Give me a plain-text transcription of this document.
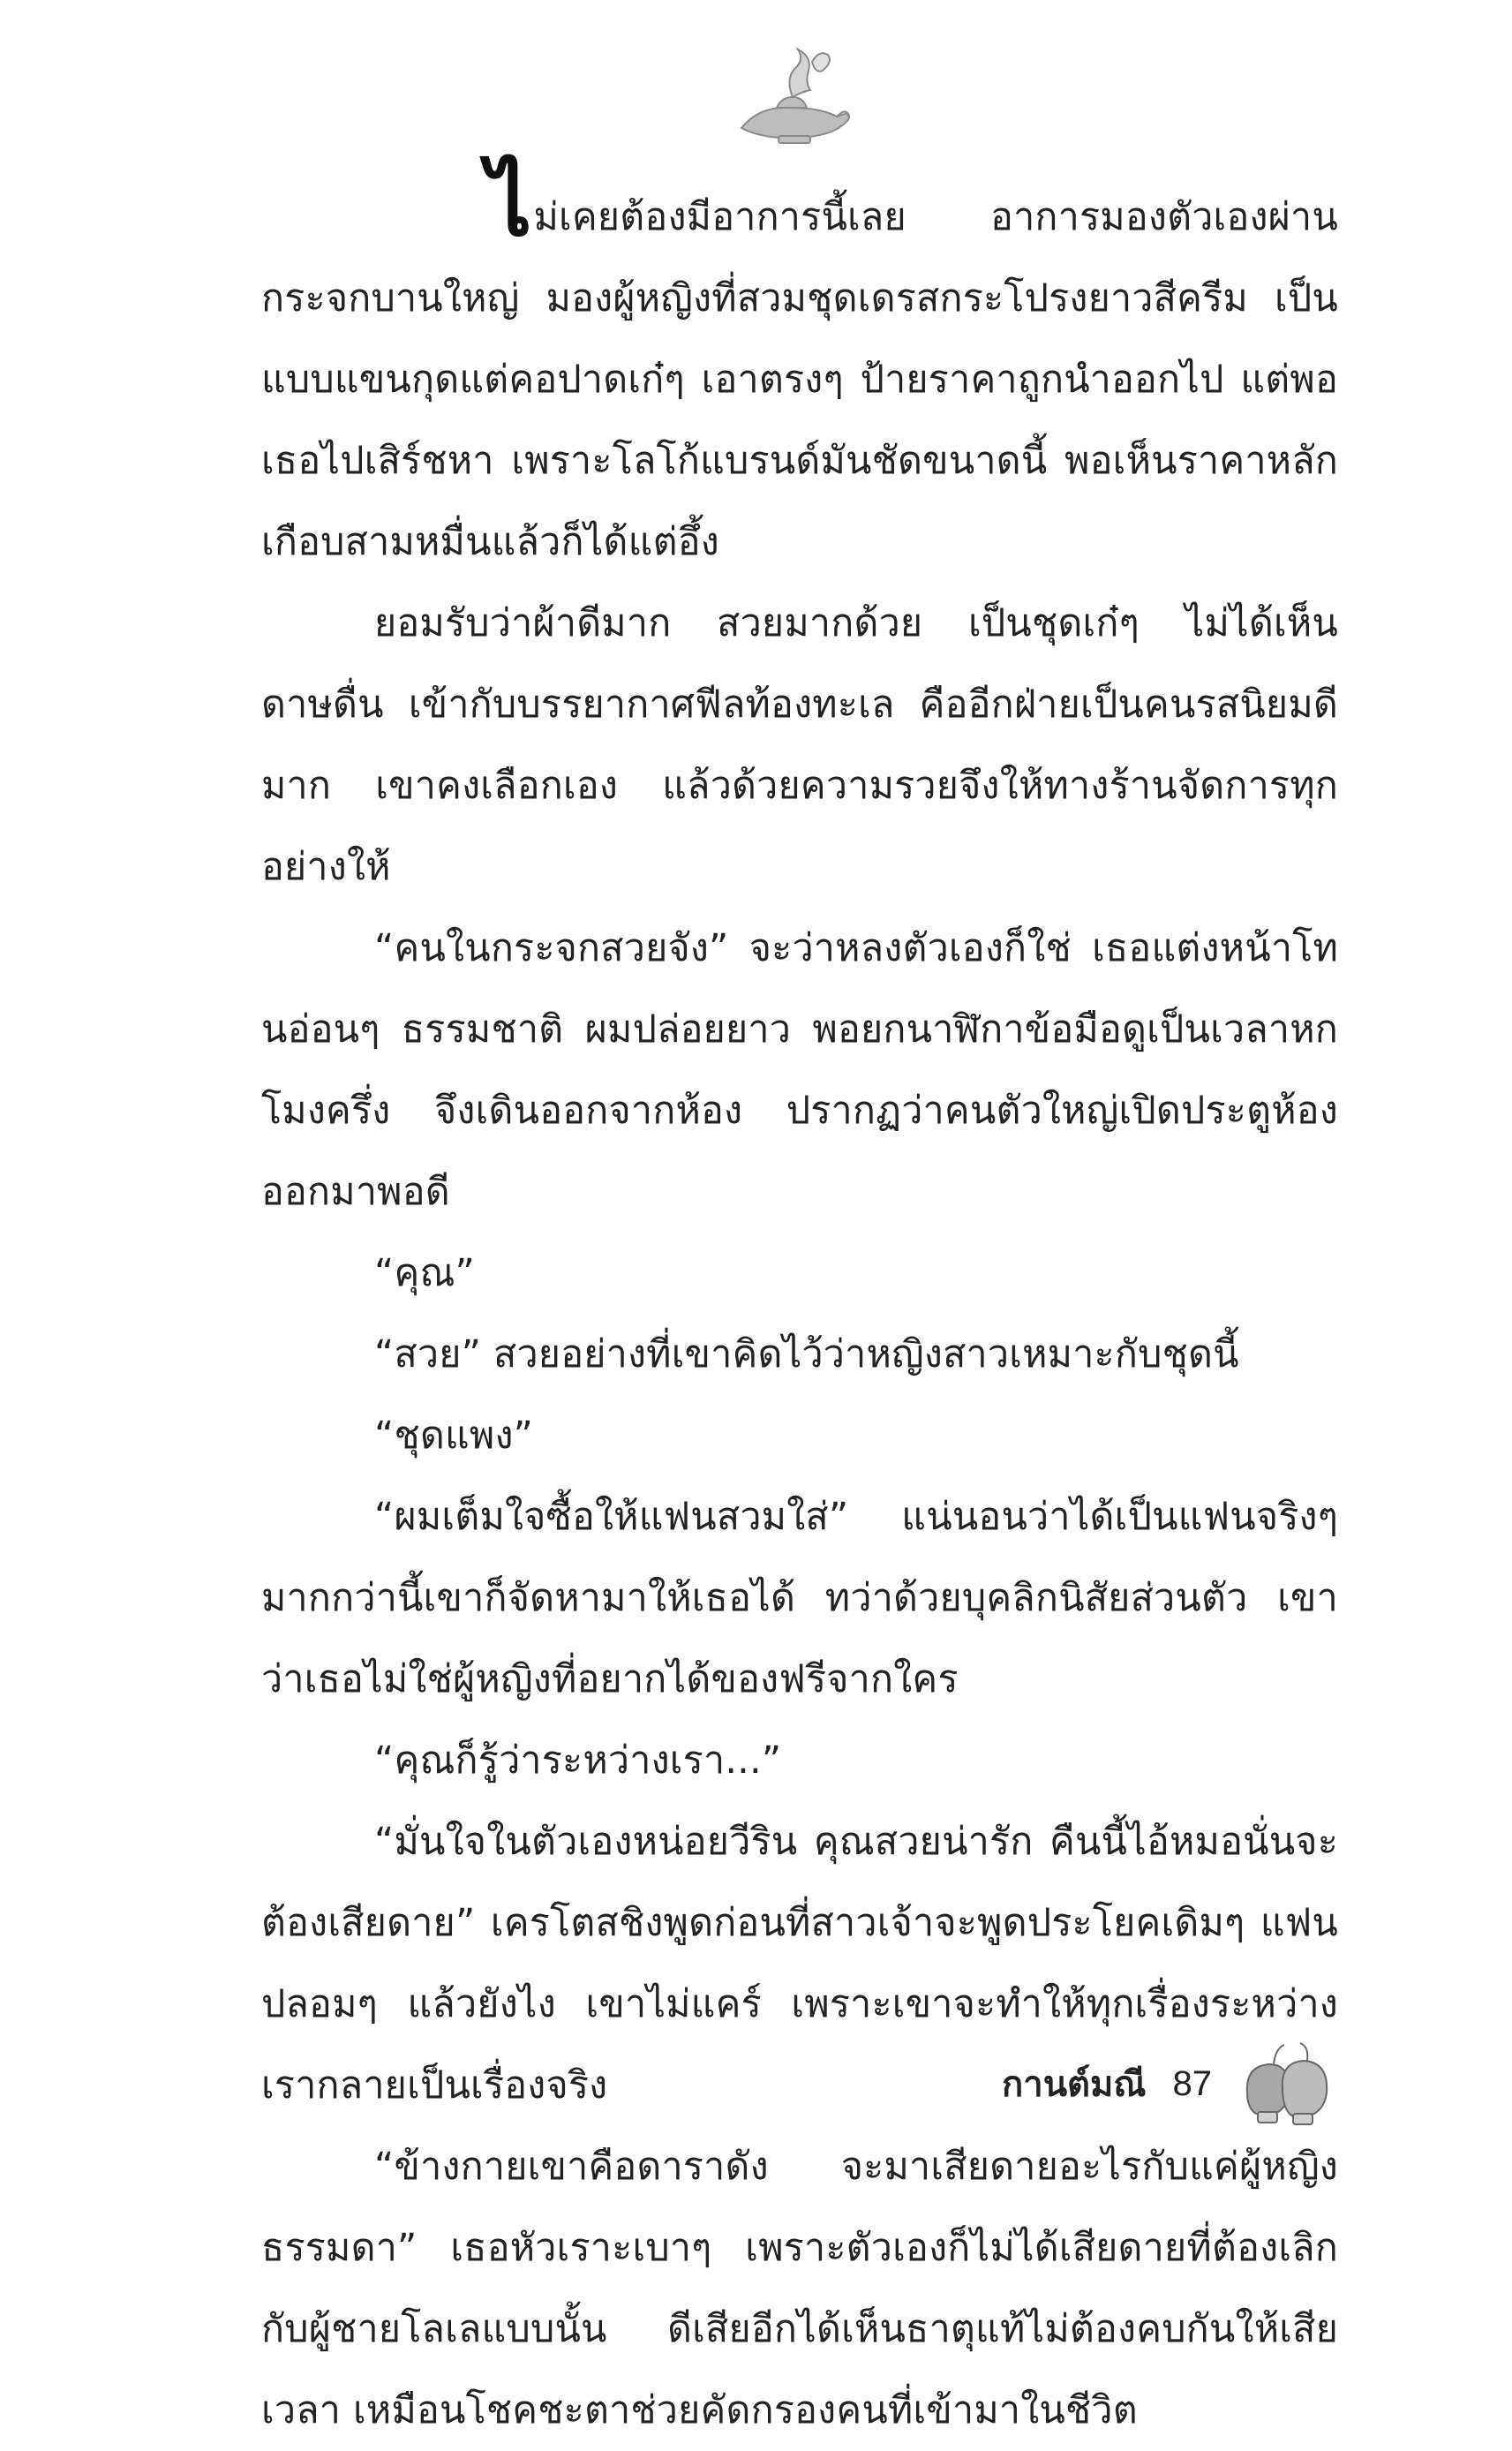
ไม่เคยต้องมีอาการนี้เลย อาการมองตัวเองผ่านกระจกบานใหญ่ มองผู้หญิงที่สวมชุดเดรสกระโปรงยาวสีครีม เป็นแบบแขนกุดแต่คอปาดเก๋ๆ เอาตรงๆ ป้ายราคาถูกนำออกไป แต่พอเธอไปเสิร์ชหา เพราะโลโก้แบรนด์มันชัดขนาดนี้ พอเห็นราคาหลักเกือบสามหมื่นแล้วก็ได้แต่อึ้ง

ยอมรับว่าผ้าดีมาก สวยมากด้วย เป็นชุดเก๋ๆ ไม่ได้เห็นดาษดื่น เข้ากับบรรยากาศฟีลท้องทะเล คืออีกฝ่ายเป็นคนรสนิยมดีมาก เขาคงเลือกเอง แล้วด้วยความรวยจึงให้ทางร้านจัดการทุกอย่างให้

“คนในกระจกสวยจัง” จะว่าหลงตัวเองก็ใช่ เธอแต่งหน้าโทนอ่อนๆ ธรรมชาติ ผมปล่อยยาว พอยกนาฬิกาข้อมือดูเป็นเวลาหกโมงครึ่ง จึงเดินออกจากห้อง ปรากฏว่าคนตัวใหญ่เปิดประตูห้องออกมาพอดี

“คุณ”

“สวย” สวยอย่างที่เขาคิดไว้ว่าหญิงสาวเหมาะกับชุดนี้

“ชุดแพง”

“ผมเต็มใจซื้อให้แฟนสวมใส่” แน่นอนว่าได้เป็นแฟนจริงๆ มากกว่านี้เขาก็จัดหามาให้เธอได้ ทว่าด้วยบุคลิกนิสัยส่วนตัว เขาว่าเธอไม่ใช่ผู้หญิงที่อยากได้ของฟรีจากใคร

“คุณก็รู้ว่าระหว่างเรา...”

“มั่นใจในตัวเองหน่อยวีริน คุณสวยน่ารัก คืนนี้ไอ้หมอนั่นจะต้องเสียดาย” เครโตสชิงพูดก่อนที่สาวเจ้าจะพูดประโยคเดิมๆ แฟนปลอมๆ แล้วยังไง เขาไม่แคร์ เพราะเขาจะทำให้ทุกเรื่องระหว่างเรากลายเป็นเรื่องจริง

“ข้างกายเขาคือดาราดัง จะมาเสียดายอะไรกับแค่ผู้หญิงธรรมดา” เธอหัวเราะเบาๆ เพราะตัวเองก็ไม่ได้เสียดายที่ต้องเลิกกับผู้ชายโลเลแบบนั้น ดีเสียอีกได้เห็นธาตุแท้ไม่ต้องคบกันให้เสียเวลา เหมือนโชคชะตาช่วยคัดกรองคนที่เข้ามาในชีวิต

กานต์มณี 87
